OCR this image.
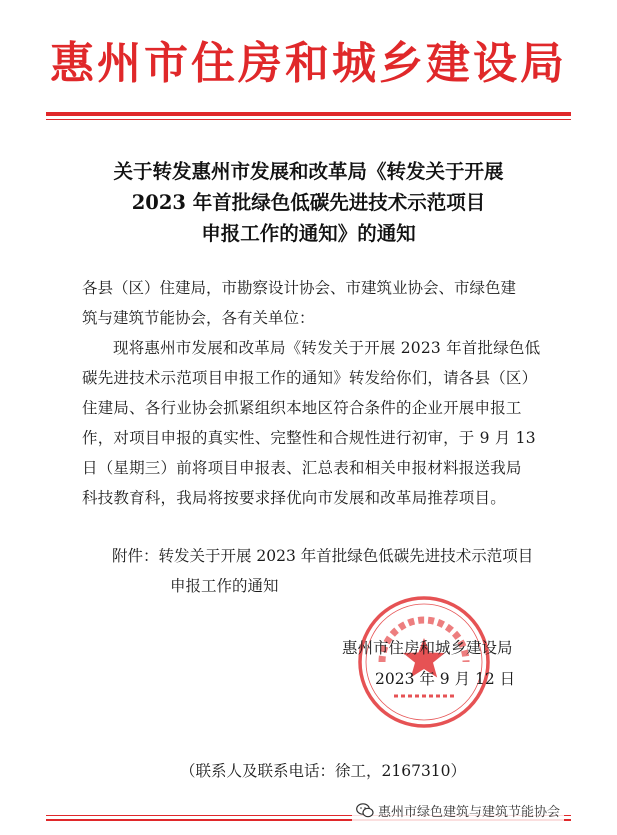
惠州市住房和城乡建设局
关于转发惠州市发展和改革局《转发关于开展
2023 年首批绿色低碳先进技术示范项目
申报工作的通知》的通知
各县（区）住建局，市勘察设计协会、市建筑业协会、市绿色建
筑与建筑节能协会，各有关单位：
现将惠州市发展和改革局《转发关于开展 2023 年首批绿色低
碳先进技术示范项目申报工作的通知》转发给你们，请各县（区）
住建局、各行业协会抓紧组织本地区符合条件的企业开展申报工
作，对项目申报的真实性、完整性和合规性进行初审，于 9 月 13
日（星期三）前将项目申报表、汇总表和相关申报材料报送我局
科技教育科，我局将按要求择优向市发展和改革局推荐项目。
附件：转发关于开展 2023 年首批绿色低碳先进技术示范项目
申报工作的通知
惠州市住房和城乡建设局
2023 年 9 月 12 日
（联系人及联系电话：徐工，2167310）
惠州市绿色建筑与建筑节能协会
